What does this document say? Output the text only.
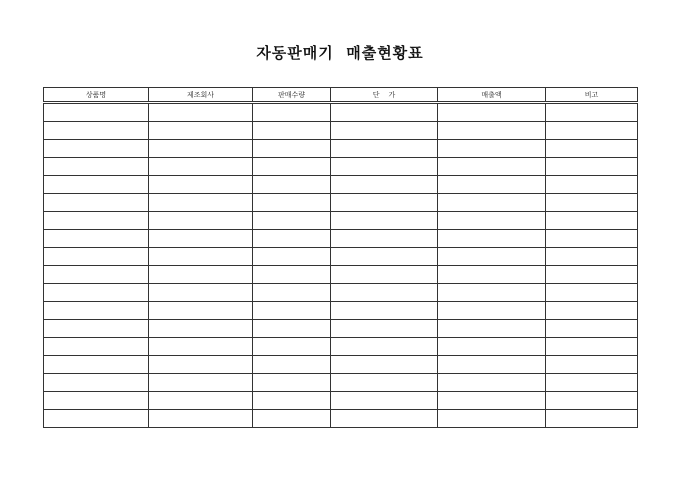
자동판매기  매출현황표
상품명	제조회사	판매수량	단    가	매출액	비고
